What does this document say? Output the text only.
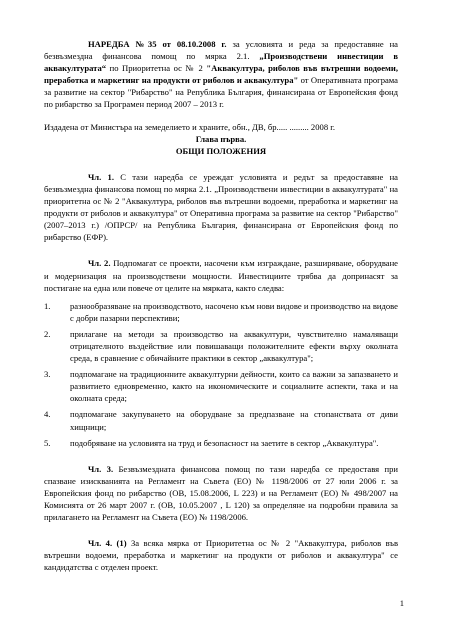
НАРЕДБА №35 от 08.10.2008 г. за условията и реда за предоставяне на безвъзмездна финансова помощ по мярка 2.1. „Производствени инвестиции в аквакултурата“ по Приоритетна ос № 2 "Аквакултура, риболов във вътрешни водоеми, преработка и маркетинг на продукти от риболов и аквакултура" от Оперативната програма за развитие на сектор "Рибарство" на Република България, финансирана от Европейския фонд по рибарство за Програмен период 2007 – 2013 г.

Издадена от Министъра на земеделието и храните, обн., ДВ, бр..... ......... 2008 г.

Глава първа.

ОБЩИ ПОЛОЖЕНИЯ

Чл. 1. С тази наредба се уреждат условията и редът за предоставяне на безвъзмездна финансова помощ по мярка 2.1. „Производствени инвестиции в аквакултурата" на приоритетна ос № 2 "Аквакултура, риболов във вътрешни водоеми, преработка и маркетинг на продукти от риболов и аквакултура" от Оперативна програма за развитие на сектор "Рибарство" (2007–2013 г.) /ОПРСР/ на Република България, финансирана от Европейския фонд по рибарство (ЕФР).

Чл. 2. Подпомагат се проекти, насочени към изграждане, разширяване, оборудване и модернизация на производствени мощности. Инвестициите трябва да допринасят за постигане на една или повече от целите на мярката, както следва:

1.	разнообразяване на производството, насочено към нови видове и производство на видове с добри пазарни перспективи;
2.	прилагане на методи за производство на аквакултури, чувствително намаляващи отрицателното въздействие или повишаващи положителните ефекти върху околната среда, в сравнение с обичайните практики в сектор „аквакултура";
3.	подпомагане на традиционните аквакултурни дейности, които са важни за запазването и развитието едновременно, както на икономическите и социалните аспекти, така и на околната среда;
4.	подпомагане закупуването на оборудване за предпазване на стопанствата от диви хищници;
5.	подобряване на условията на труд и безопасност на заетите в сектор „Аквакултура".

Чл. 3. Безвъзмездната финансова помощ по тази наредба се предоставя при спазване изискванията на Регламент на Съвета (ЕО) № 1198/2006 от 27 юли 2006 г. за Европейския фонд по рибарство (ОВ, 15.08.2006, L 223) и на Регламент (ЕО) № 498/2007 на Комисията от 26 март 2007 г. (ОВ, 10.05.2007 , L 120) за определяне на подробни правила за прилагането на Регламент на Съвета (ЕО) № 1198/2006.

Чл. 4. (1) За всяка мярка от Приоритетна ос № 2 "Аквакултура, риболов във вътрешни водоеми, преработка и маркетинг на продукти от риболов и аквакултура" се кандидатства с отделен проект.

1
